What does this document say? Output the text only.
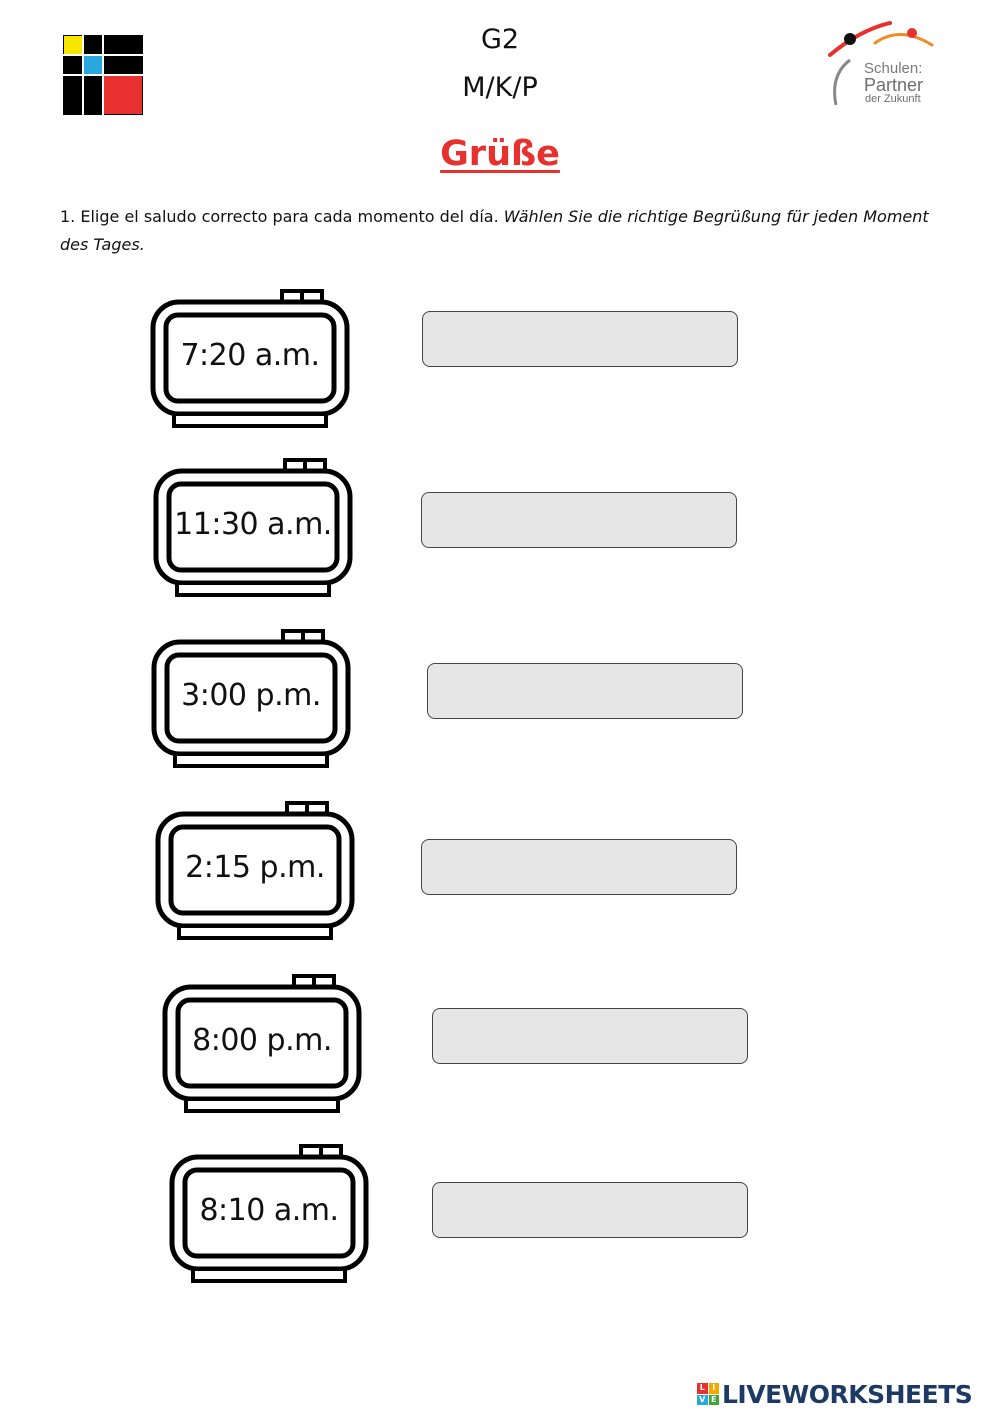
G2
M/K/P
Schulen:
Partner
der Zukunft
Grüße
1. Elige el saludo correcto para cada momento del día. Wählen Sie die richtige Begrüßung für jeden Moment des Tages.
7:20 a.m.
11:30 a.m.
3:00 p.m.
2:15 p.m.
8:00 p.m.
8:10 a.m.
L I
V E LIVEWORKSHEETS
